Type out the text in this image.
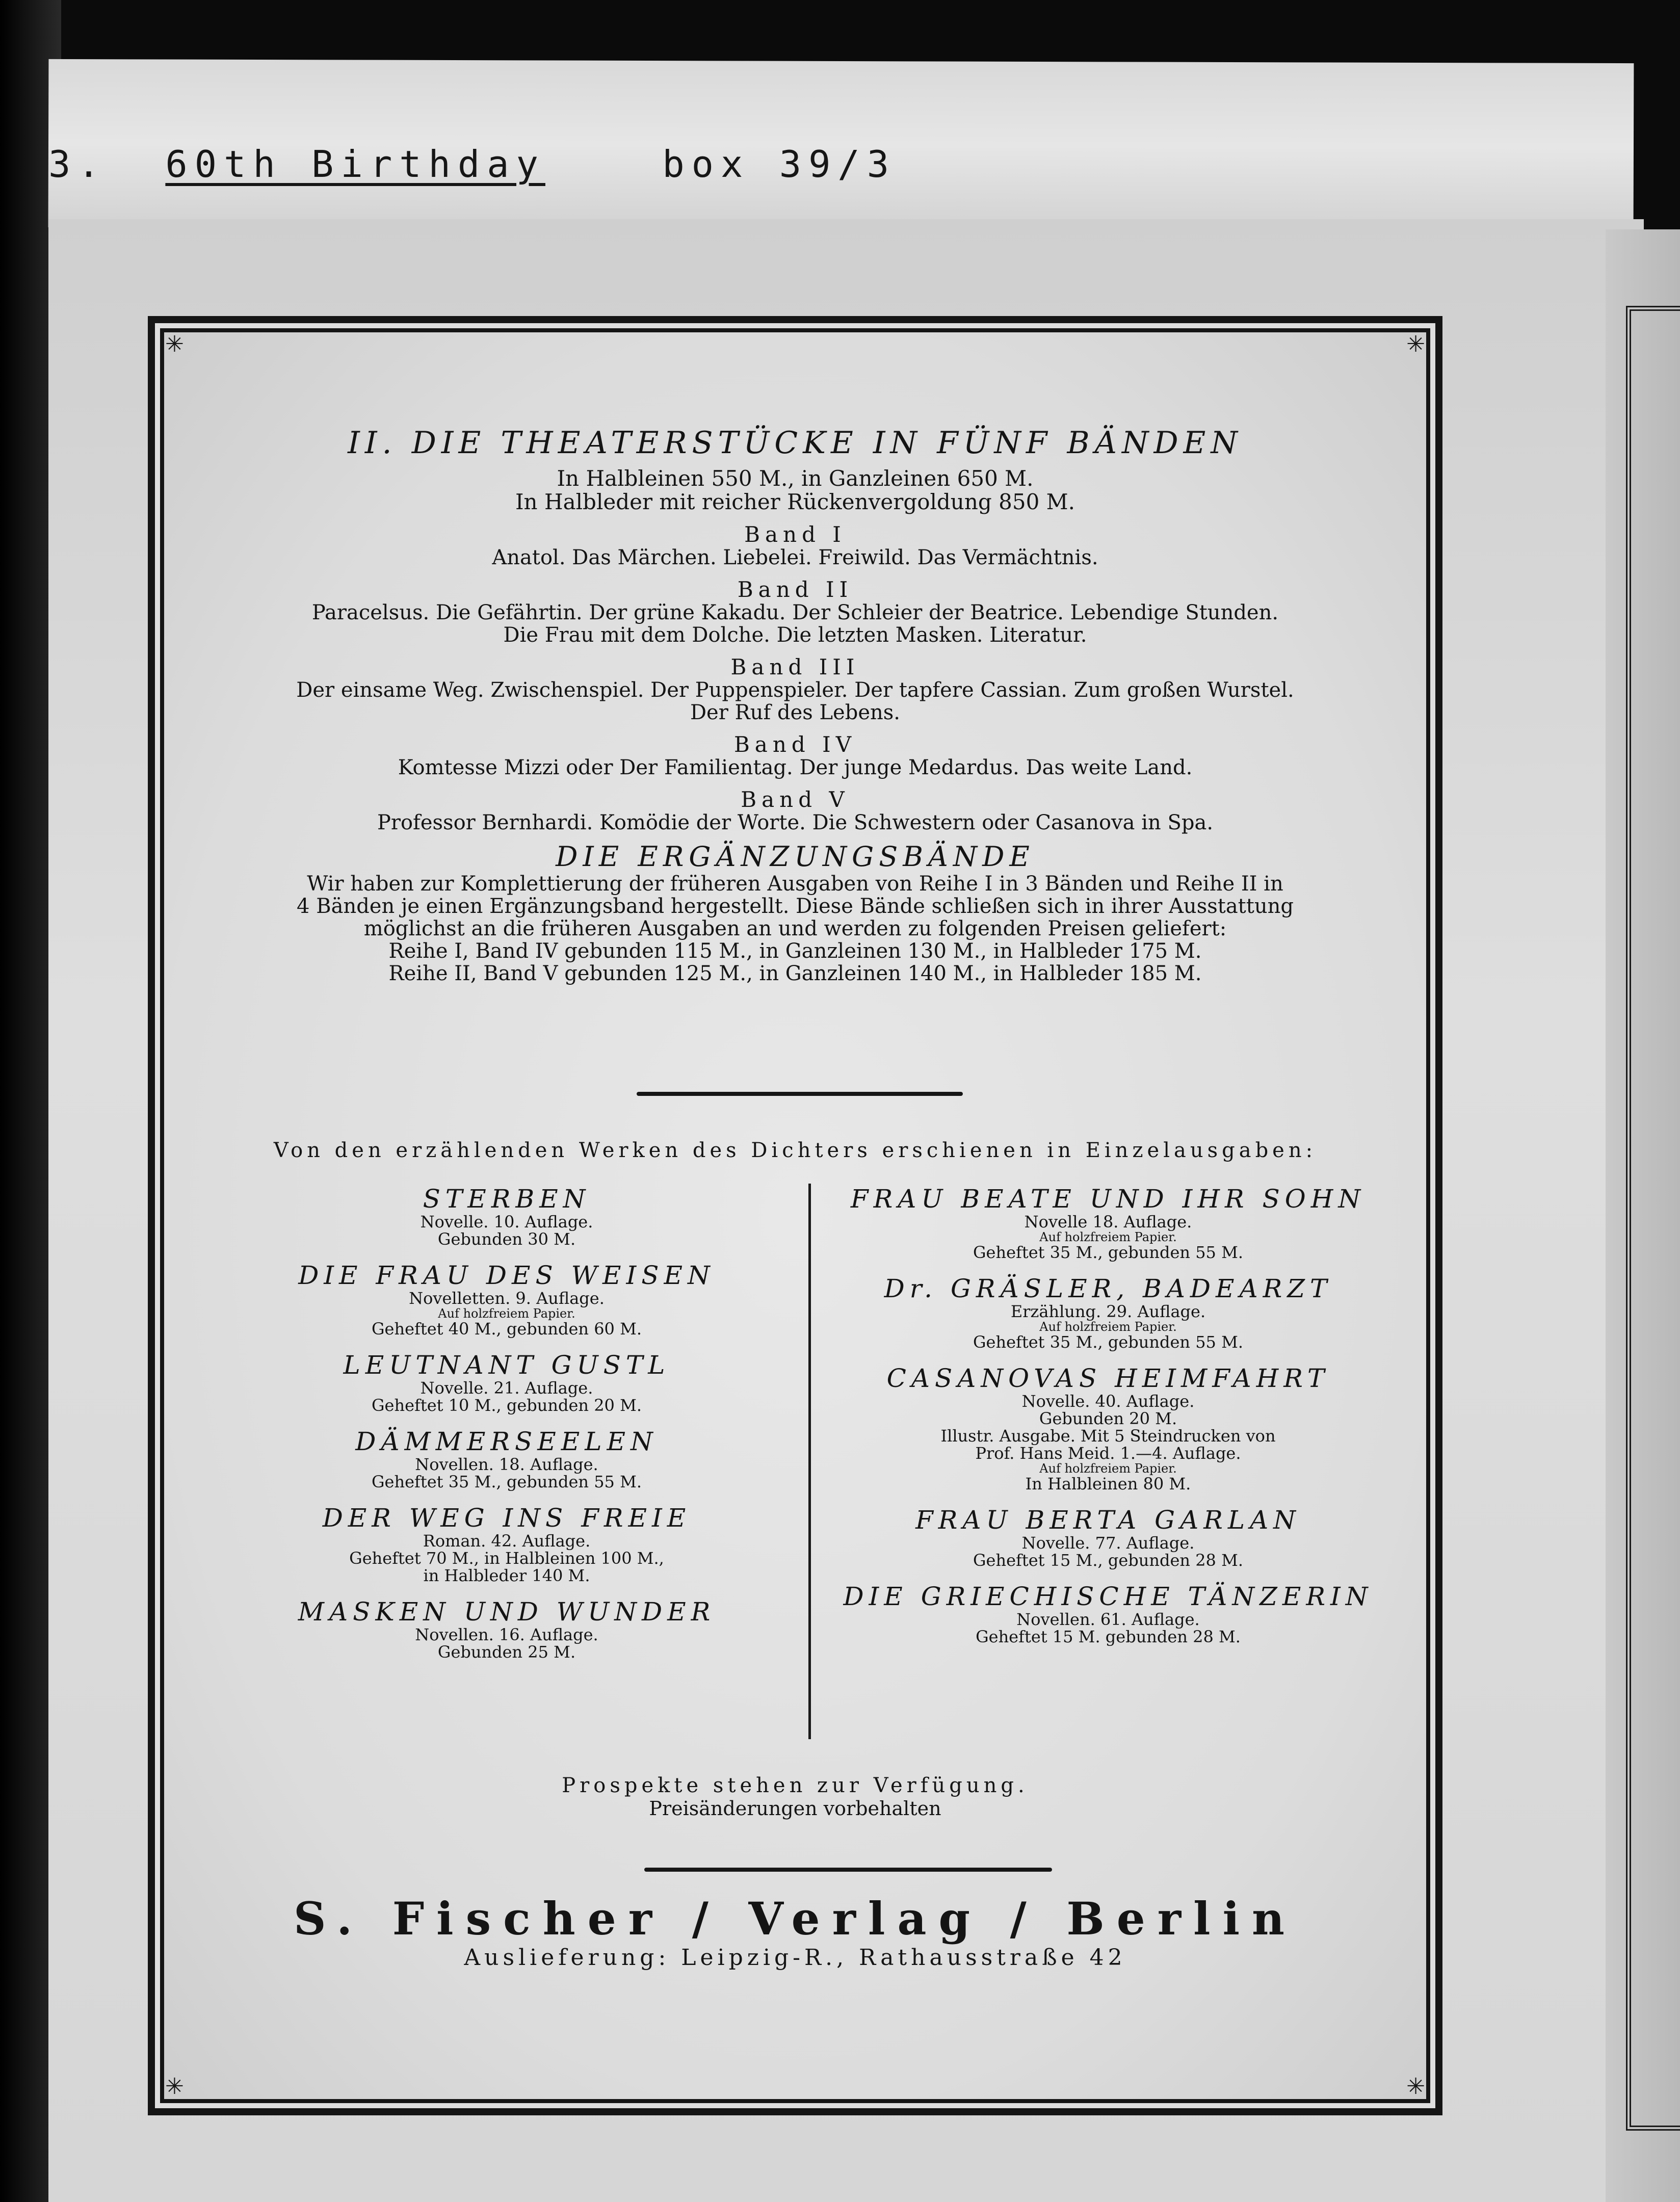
3. 60th Birthday	box 39/3
✳	✳
✳	✳

II. DIE THEATERSTÜCKE IN FÜNF BÄNDEN

In Halbleinen 550 M., in Ganzleinen 650 M.

In Halbleder mit reicher Rückenvergoldung 850 M.

Band I

Anatol. Das Märchen. Liebelei. Freiwild. Das Vermächtnis.

Band II

Paracelsus. Die Gefährtin. Der grüne Kakadu. Der Schleier der Beatrice. Lebendige Stunden.

Die Frau mit dem Dolche. Die letzten Masken. Literatur.

Band III

Der einsame Weg. Zwischenspiel. Der Puppenspieler. Der tapfere Cassian. Zum großen Wurstel.

Der Ruf des Lebens.

Band IV

Komtesse Mizzi oder Der Familientag. Der junge Medardus. Das weite Land.

Band V

Professor Bernhardi. Komödie der Worte. Die Schwestern oder Casanova in Spa.

DIE ERGÄNZUNGSBÄNDE

Wir haben zur Komplettierung der früheren Ausgaben von Reihe I in 3 Bänden und Reihe II in

4 Bänden je einen Ergänzungsband hergestellt. Diese Bände schließen sich in ihrer Ausstattung

möglichst an die früheren Ausgaben an und werden zu folgenden Preisen geliefert:

Reihe I, Band IV gebunden 115 M., in Ganzleinen 130 M., in Halbleder 175 M.

Reihe II, Band V gebunden 125 M., in Ganzleinen 140 M., in Halbleder 185 M.

Von den erzählenden Werken des Dichters erschienen in Einzelausgaben:

STERBEN

Novelle. 10. Auflage.

Gebunden 30 M.

DIE FRAU DES WEISEN

Novelletten. 9. Auflage.

Auf holzfreiem Papier.

Geheftet 40 M., gebunden 60 M.

LEUTNANT GUSTL

Novelle. 21. Auflage.

Geheftet 10 M., gebunden 20 M.

DÄMMERSEELEN

Novellen. 18. Auflage.

Geheftet 35 M., gebunden 55 M.

DER WEG INS FREIE

Roman. 42. Auflage.

Geheftet 70 M., in Halbleinen 100 M.,

in Halbleder 140 M.

MASKEN UND WUNDER

Novellen. 16. Auflage.

Gebunden 25 M.

FRAU BEATE UND IHR SOHN

Novelle 18. Auflage.

Auf holzfreiem Papier.

Geheftet 35 M., gebunden 55 M.

Dr. GRÄSLER, BADEARZT

Erzählung. 29. Auflage.

Auf holzfreiem Papier.

Geheftet 35 M., gebunden 55 M.

CASANOVAS HEIMFAHRT

Novelle. 40. Auflage.

Gebunden 20 M.

Illustr. Ausgabe. Mit 5 Steindrucken von

Prof. Hans Meid. 1.—4. Auflage.

Auf holzfreiem Papier.

In Halbleinen 80 M.

FRAU BERTA GARLAN

Novelle. 77. Auflage.

Geheftet 15 M., gebunden 28 M.

DIE GRIECHISCHE TÄNZERIN

Novellen. 61. Auflage.

Geheftet 15 M. gebunden 28 M.

Prospekte stehen zur Verfügung.

Preisänderungen vorbehalten

S. Fischer / Verlag / Berlin

Auslieferung: Leipzig-R., Rathausstraße 42
